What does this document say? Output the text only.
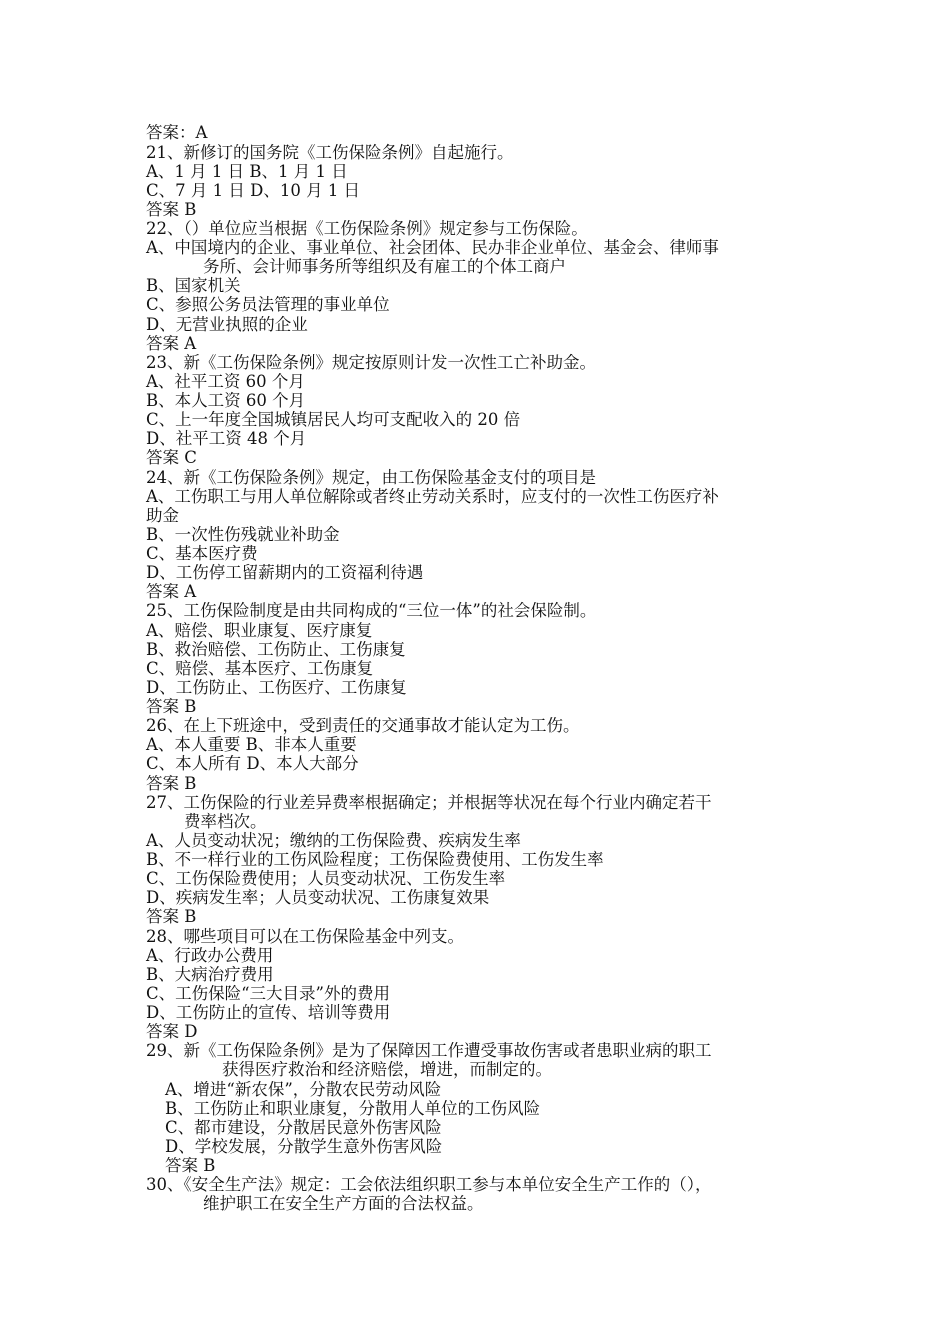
答案：A
21、新修订的国务院《工伤保险条例》自起施行。
A、1 月 1 日 B、1 月 1 日
C、7 月 1 日 D、10 月 1 日
答案 B
22、（）单位应当根据《工伤保险条例》规定参与工伤保险。
A、中国境内的企业、事业单位、社会团体、民办非企业单位、基金会、律师事
务所、会计师事务所等组织及有雇工的个体工商户
B、国家机关
C、参照公务员法管理的事业单位
D、无营业执照的企业
答案 A
23、新《工伤保险条例》规定按原则计发一次性工亡补助金。
A、社平工资 60 个月
B、本人工资 60 个月
C、上一年度全国城镇居民人均可支配收入的 20 倍
D、社平工资 48 个月
答案 C
24、新《工伤保险条例》规定，由工伤保险基金支付的项目是
A、工伤职工与用人单位解除或者终止劳动关系时，应支付的一次性工伤医疗补
助金
B、一次性伤残就业补助金
C、基本医疗费
D、工伤停工留薪期内的工资福利待遇
答案 A
25、工伤保险制度是由共同构成的“三位一体”的社会保险制。
A、赔偿、职业康复、医疗康复
B、救治赔偿、工伤防止、工伤康复
C、赔偿、基本医疗、工伤康复
D、工伤防止、工伤医疗、工伤康复
答案 B
26、在上下班途中，受到责任的交通事故才能认定为工伤。
A、本人重要 B、非本人重要
C、本人所有 D、本人大部分
答案 B
27、工伤保险的行业差异费率根据确定；并根据等状况在每个行业内确定若干
费率档次。
A、人员变动状况；缴纳的工伤保险费、疾病发生率
B、不一样行业的工伤风险程度；工伤保险费使用、工伤发生率
C、工伤保险费使用；人员变动状况、工伤发生率
D、疾病发生率；人员变动状况、工伤康复效果
答案 B
28、哪些项目可以在工伤保险基金中列支。
A、行政办公费用
B、大病治疗费用
C、工伤保险“三大目录”外的费用
D、工伤防止的宣传、培训等费用
答案 D
29、新《工伤保险条例》是为了保障因工作遭受事故伤害或者患职业病的职工
获得医疗救治和经济赔偿，增进，而制定的。
A、增进“新农保”，分散农民劳动风险
B、工伤防止和职业康复，分散用人单位的工伤风险
C、都市建设，分散居民意外伤害风险
D、学校发展，分散学生意外伤害风险
答案 B
30、《安全生产法》规定：工会依法组织职工参与本单位安全生产工作的（），
维护职工在安全生产方面的合法权益。
